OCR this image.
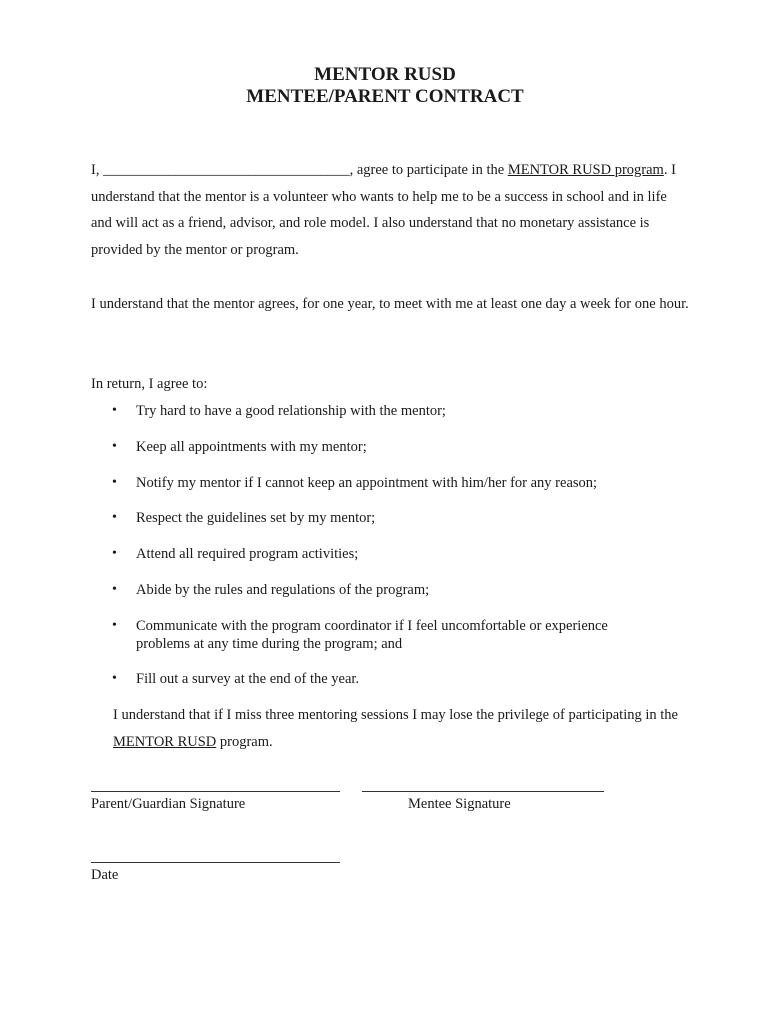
MENTOR RUSD
MENTEE/PARENT CONTRACT
I, __________________________________, agree to participate in the MENTOR RUSD program. I understand that the mentor is a volunteer who wants to help me to be a success in school and in life and will act as a friend, advisor, and role model. I also understand that no monetary assistance is provided by the mentor or program.
I understand that the mentor agrees, for one year, to meet with me at least one day a week for one hour.
In return, I agree to:
• Try hard to have a good relationship with the mentor;
• Keep all appointments with my mentor;
• Notify my mentor if I cannot keep an appointment with him/her for any reason;
• Respect the guidelines set by my mentor;
• Attend all required program activities;
• Abide by the rules and regulations of the program;
• Communicate with the program coordinator if I feel uncomfortable or experience problems at any time during the program; and
• Fill out a survey at the end of the year.
I understand that if I miss three mentoring sessions I may lose the privilege of participating in the MENTOR RUSD program.
Parent/Guardian Signature	Mentee Signature
Date
